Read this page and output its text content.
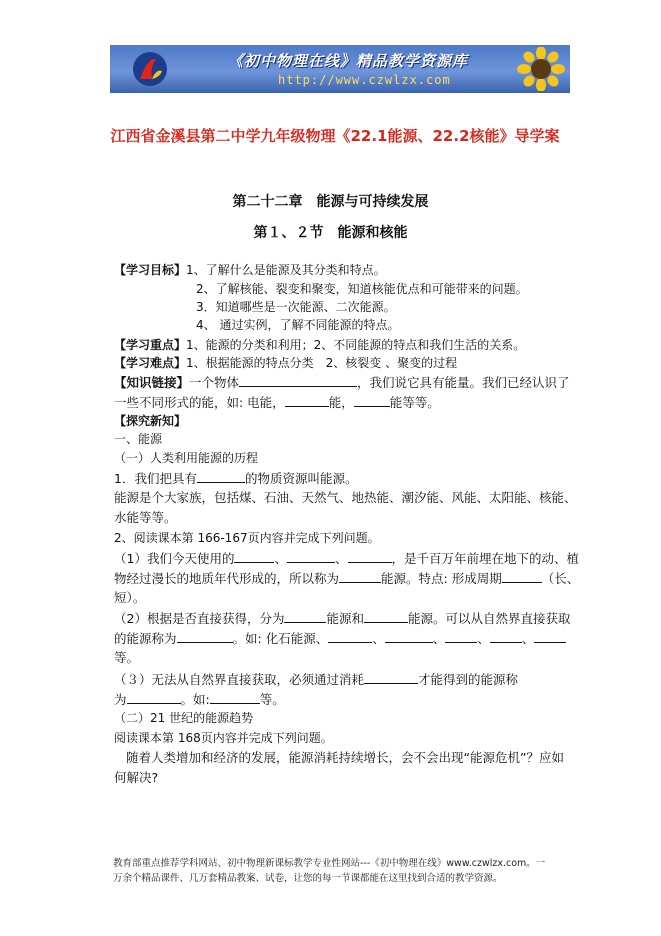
《初中物理在线》精品教学资源库
http://www.czwlzx.com
江西省金溪县第二中学九年级物理《22.1能源、22.2核能》导学案
第二十二章　能源与可持续发展
第１、２节　能源和核能
【学习目标】1、了解什么是能源及其分类和特点。
2、了解核能、裂变和聚变，知道核能优点和可能带来的问题。
3．知道哪些是一次能源、二次能源。
4、 通过实例，了解不同能源的特点。
【学习重点】1、能源的分类和利用；2、不同能源的特点和我们生活的关系。
【学习难点】1、根据能源的特点分类　2、核裂变 、聚变的过程
【知识链接】一个物体	，我们说它具有能量。我们已经认识了
一些不同形式的能，如: 电能，	能，	能等等。
【探究新知】
一、能源
（一）人类利用能源的历程
1．我们把具有	的物质资源叫能源。
能源是个大家族，包括煤、石油、天然气、地热能、潮汐能、风能、太阳能、核能、
水能等等。
2、阅读课本第 166-167页内容并完成下列问题。
（1）我们今天使用的	、	、	，是千百万年前埋在地下的动、植
物经过漫长的地质年代形成的，所以称为	能源。特点: 形成周期	（长、
短）。
（2）根据是否直接获得，分为	能源和	能源。可以从自然界直接获取
的能源称为	。如: 化石能源、	、	、	、	、
等。
（３）无法从自然界直接获取，必须通过消耗	才能得到的能源称
为	。如:	等。
（二）21 世纪的能源趋势
阅读课本第 168页内容并完成下列问题。
随着人类增加和经济的发展，能源消耗持续增长，会不会出现“能源危机”？应如
何解决?
教育部重点推荐学科网站、初中物理新课标教学专业性网站---《初中物理在线》www.czwlzx.com。一
万余个精品课件、几万套精品教案、试卷，让您的每一节课都能在这里找到合适的教学资源。
